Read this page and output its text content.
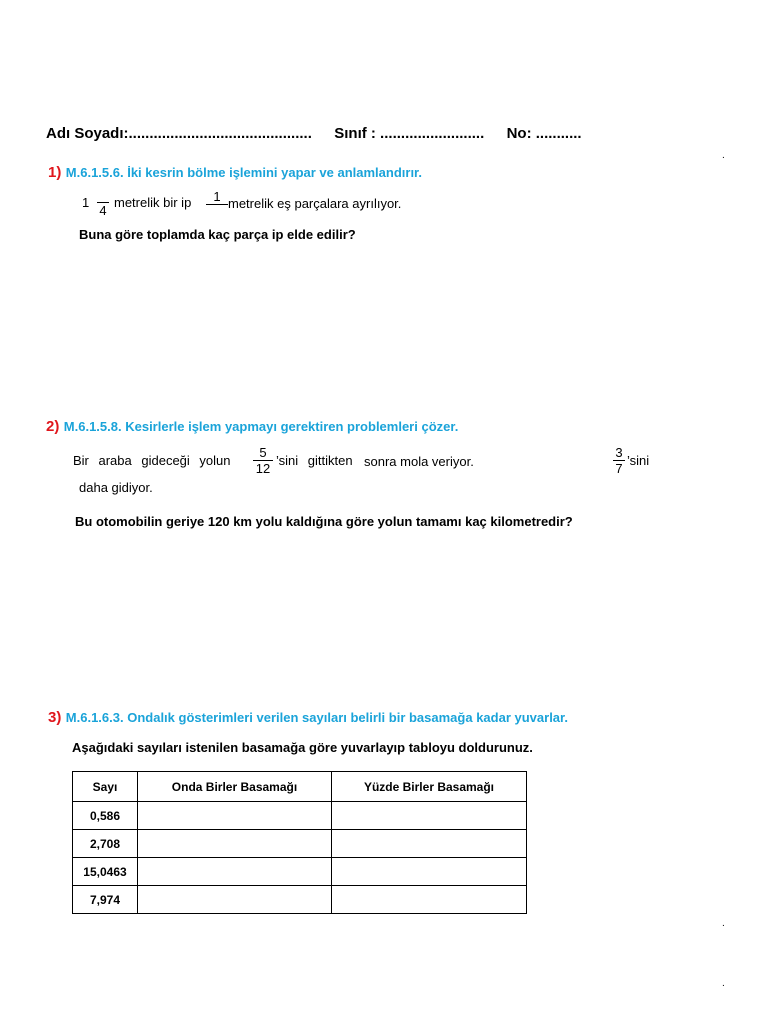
Adı Soyadı:............................................ Sınıf : ......................... No: ...........
.
1) M.6.1.5.6. İki kesrin bölme işlemini yapar ve anlamlandırır.
1
4
metrelik bir ip 1 metrelik eş parçalara ayrılıyor.
Buna göre toplamda kaç parça ip elde edilir?
2) M.6.1.5.8. Kesirlerle işlem yapmayı gerektiren problemleri çözer.
Bir araba gideceği yolun
5
12
’sini gittikten sonra mola veriyor.
3
7
’sini
daha gidiyor.
Bu otomobilin geriye 120 km yolu kaldığına göre yolun tamamı kaç kilometredir?
3) M.6.1.6.3. Ondalık gösterimleri verilen sayıları belirli bir basamağa kadar yuvarlar.
Aşağıdaki sayıları istenilen basamağa göre yuvarlayıp tabloyu doldurunuz.
Sayı	Onda Birler Basamağı	Yüzde Birler Basamağı
0,586		
2,708		
15,0463		
7,974		
.
.
